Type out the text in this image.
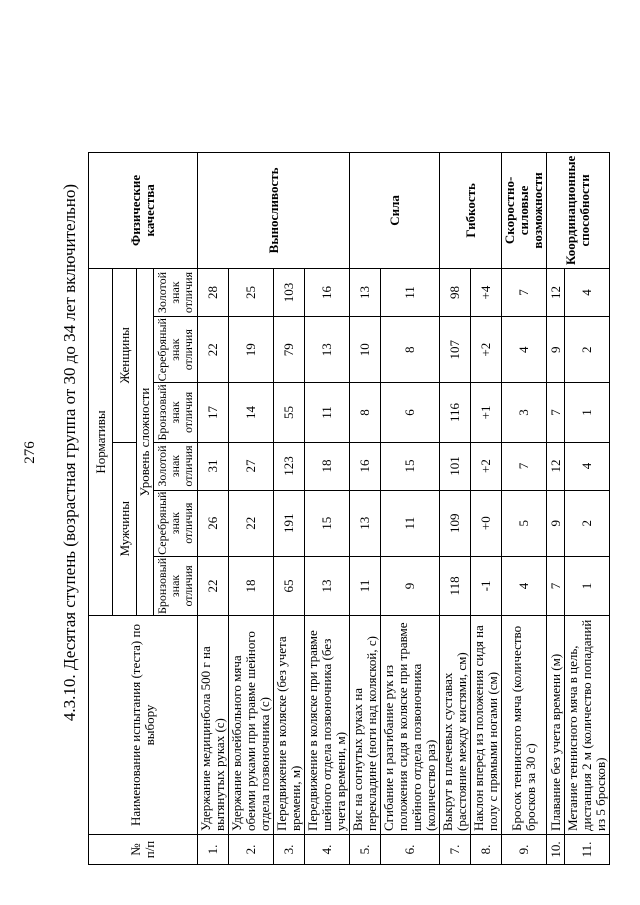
276 4.3.10. Десятая ступень (возрастная группа от 30 до 34 лет включительно)
№ п/п	Наименование испытания (теста) по выбору	Нормативы						Физические качества
		Мужчины			Женщины			
		Уровень сложности						
		Бронзовый знак отличия	Серебряный знак отличия	Золотой знак отличия	Бронзовый знак отличия	Серебряный знак отличия	Золотой знак отличия	
1.	Удержание медицинбола 500 г на вытянутых руках (с)	22	26	31	17	22	28	Выносливость
2.	Удержание волейбольного мяча обеими руками при травме шейного отдела позвоночника (с)	18	22	27	14	19	25	
3.	Передвижение в коляске (без учета времени, м)	65	191	123	55	79	103	
4.	Передвижение в коляске при травме шейного отдела позвоночника (без учета времени, м)	13	15	18	11	13	16	
5.	Вис на согнутых руках на перекладине (ноги над коляской, с)	11	13	16	8	10	13	Сила
6.	Сгибание и разгибание рук из положения сидя в коляске при травме шейного отдела позвоночника (количество раз)	9	11	15	6	8	11	
7.	Выкрут в плечевых суставах (расстояние между кистями, см)	118	109	101	116	107	98	Гибкость
8.	Наклон вперед из положения сидя на полу с прямыми ногами (см)	-1	+0	+2	+1	+2	+4	
9.	Бросок теннисного мяча (количество бросков за 30 с)	4	5	7	3	4	7	Скоростно-силовые возможности
10.	Плавание без учета времени (м)	7	9	12	7	9	12	Координационные способности
11.	Метание теннисного мяча в цель, дистанция 2 м (количество попаданий из 5 бросков)	1	2	4	1	2	4	
